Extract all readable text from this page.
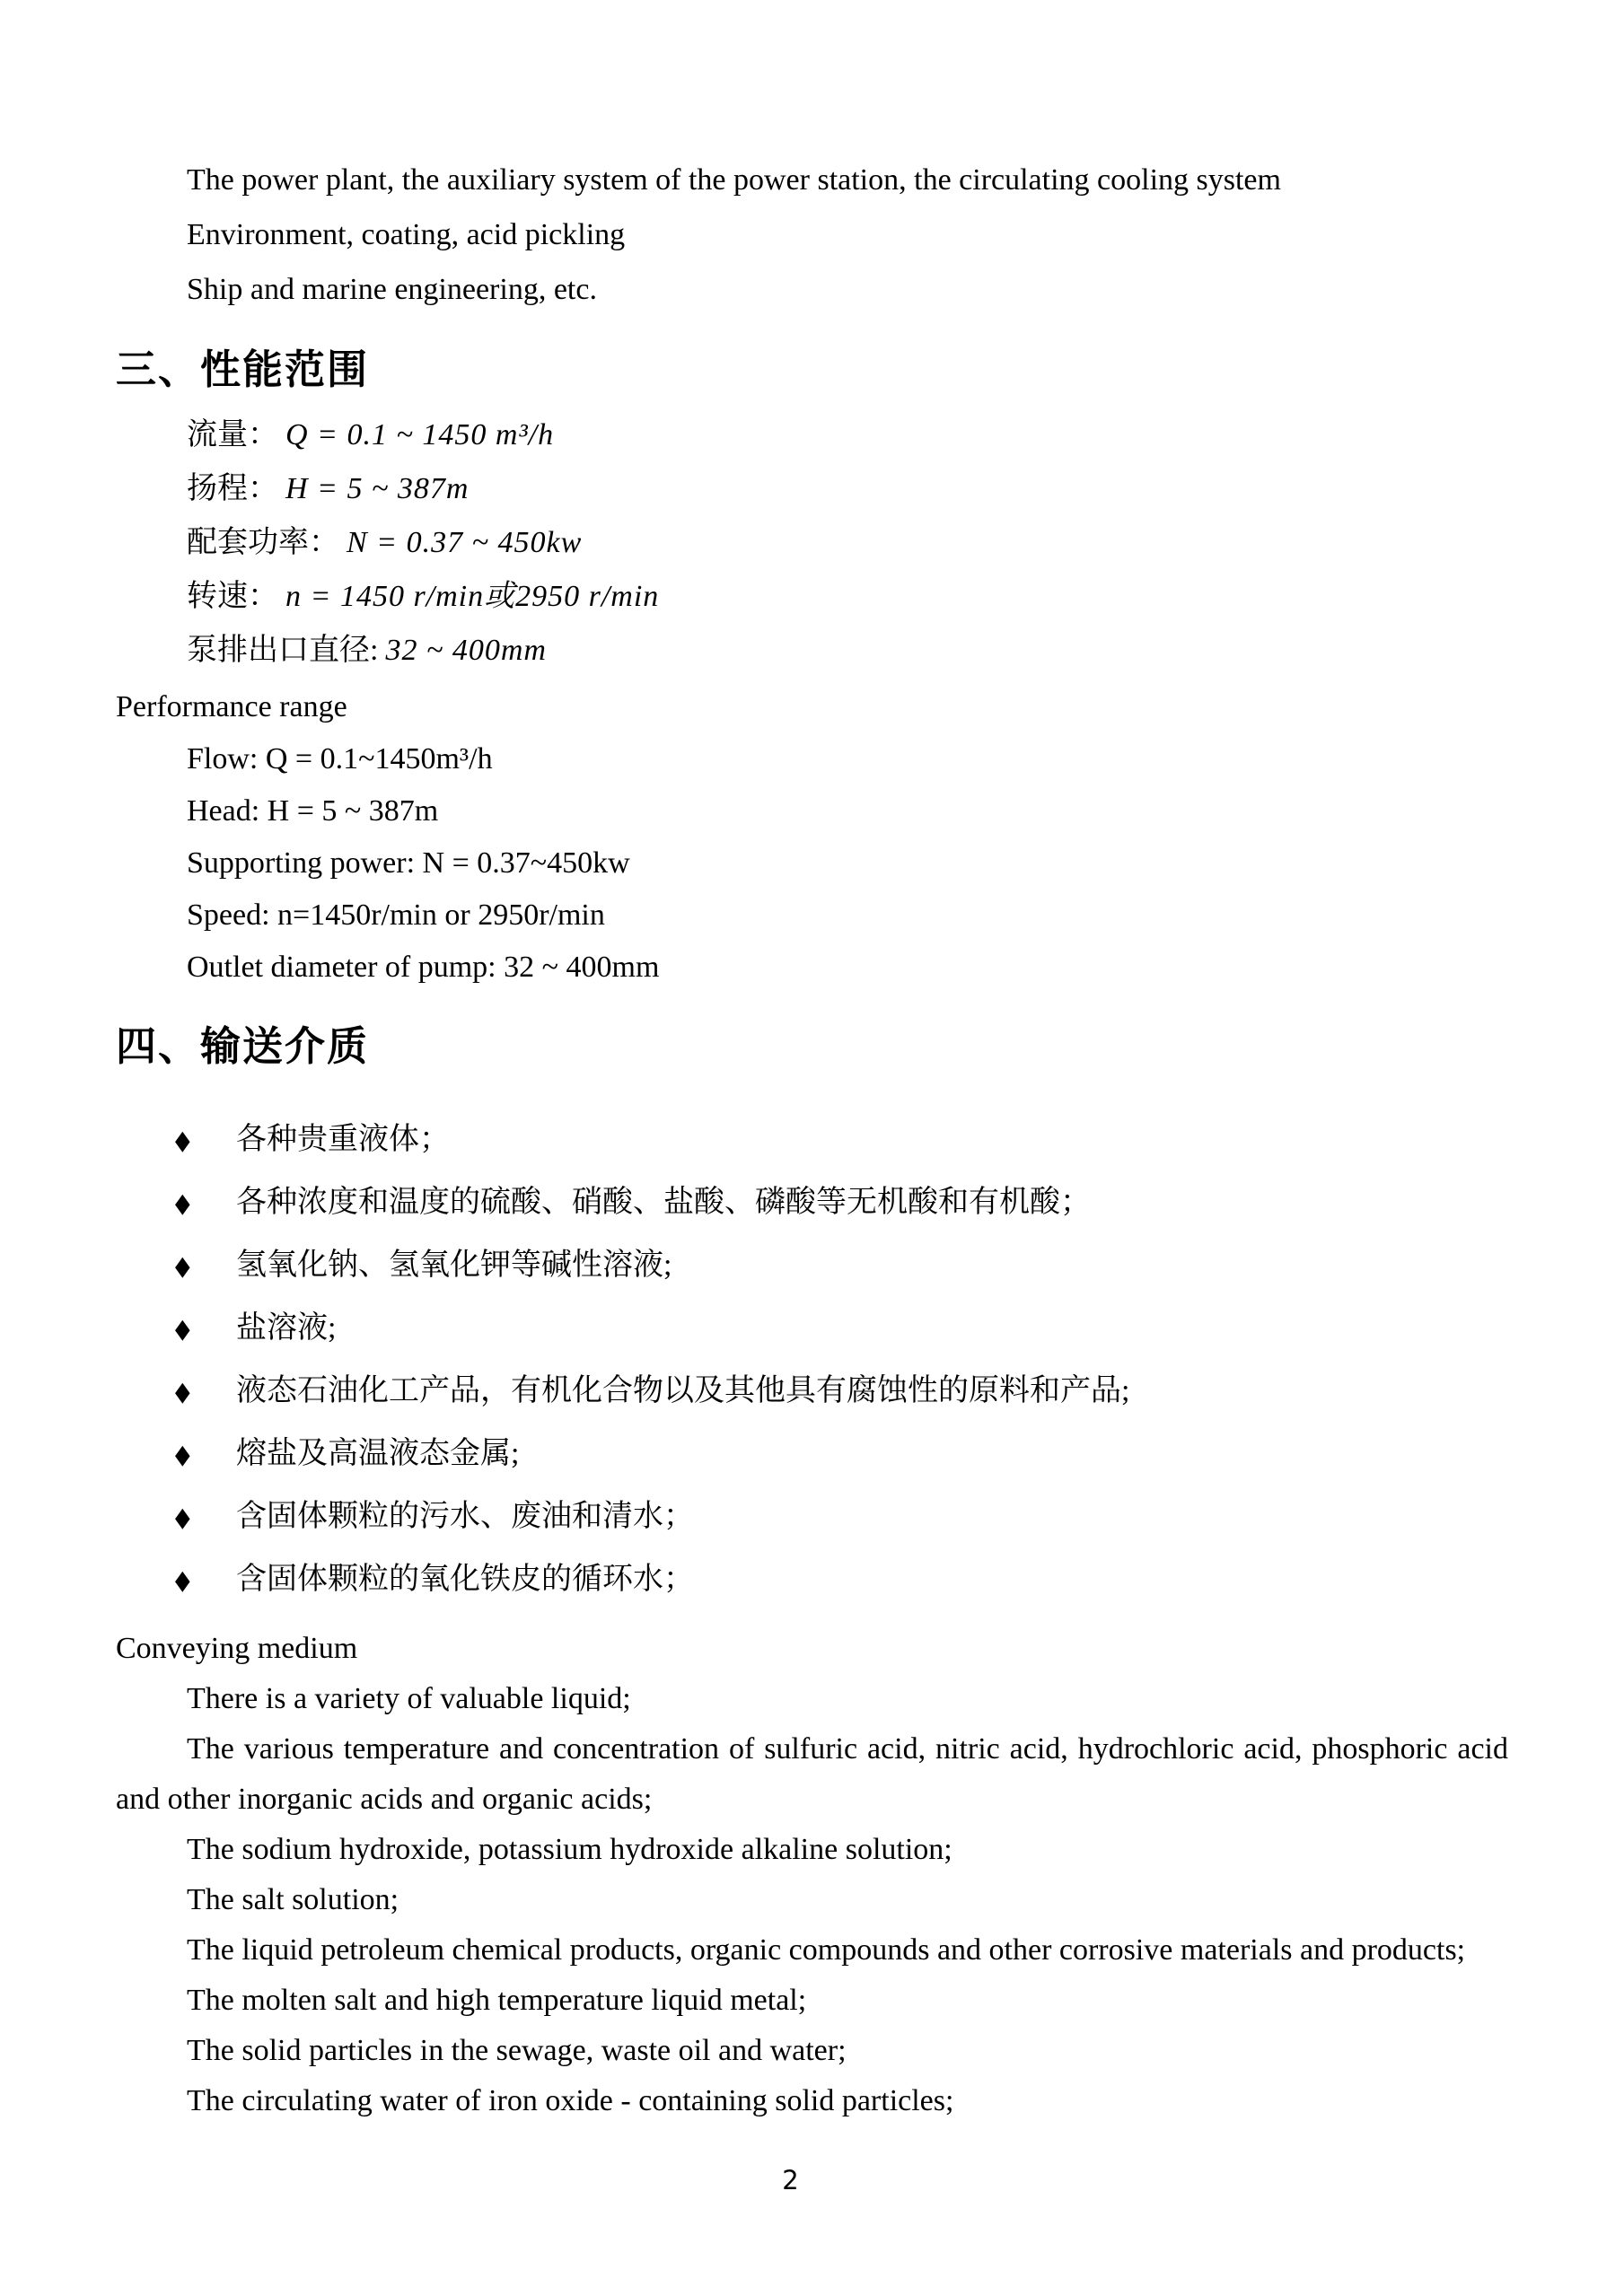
The power plant, the auxiliary system of the power station, the circulating cooling system

Environment, coating, acid pickling

Ship and marine engineering, etc.

三、性能范围
流量： Q = 0.1 ~ 1450 m³/h
扬程： H = 5 ~ 387m
配套功率： N = 0.37 ~ 450kw
转速： n = 1450 r/min或2950 r/min
泵排出口直径: 32 ~ 400mm

Performance range

Flow: Q = 0.1~1450m³/h

Head: H = 5 ~ 387m

Supporting power: N = 0.37~450kw

Speed: n=1450r/min or 2950r/min

Outlet diameter of pump: 32 ~ 400mm

四、输送介质
◆ 各种贵重液体；
◆ 各种浓度和温度的硫酸、硝酸、盐酸、磷酸等无机酸和有机酸；
◆ 氢氧化钠、氢氧化钾等碱性溶液;
◆ 盐溶液;
◆ 液态石油化工产品，有机化合物以及其他具有腐蚀性的原料和产品;
◆ 熔盐及高温液态金属;
◆ 含固体颗粒的污水、废油和清水；
◆ 含固体颗粒的氧化铁皮的循环水；

Conveying medium

There is a variety of valuable liquid;

The various temperature and concentration of sulfuric acid, nitric acid, hydrochloric acid, phosphoric acid and other inorganic acids and organic acids;

The sodium hydroxide, potassium hydroxide alkaline solution;

The salt solution;

The liquid petroleum chemical products, organic compounds and other corrosive materials and products;

The molten salt and high temperature liquid metal;

The solid particles in the sewage, waste oil and water;

The circulating water of iron oxide - containing solid particles;

2
